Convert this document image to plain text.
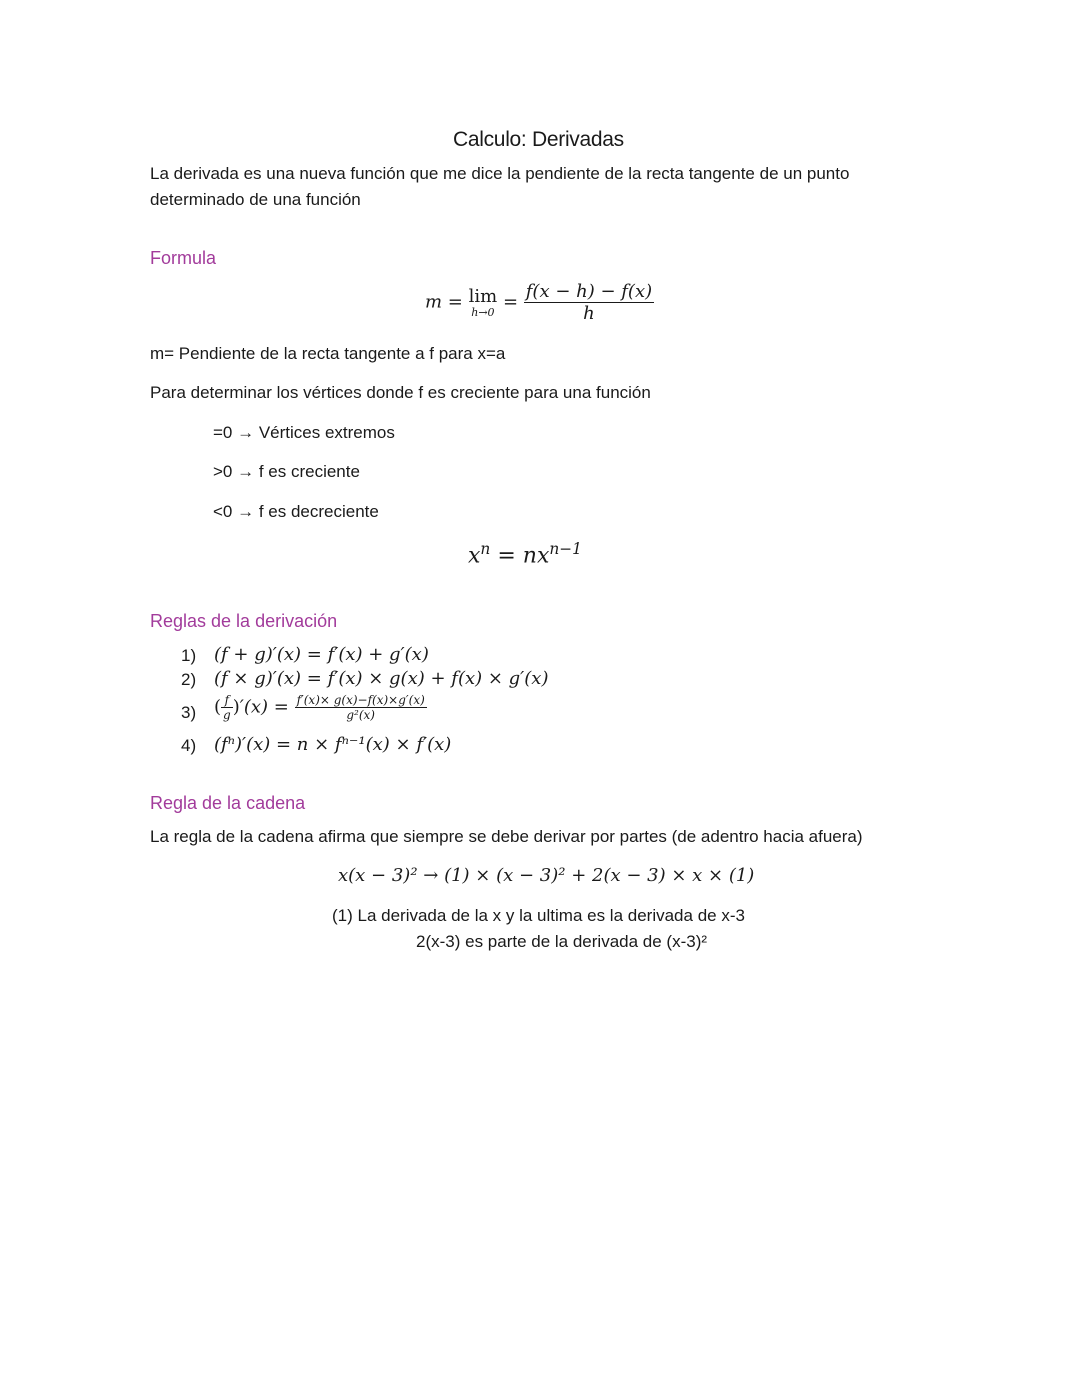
Calculo: Derivadas
La derivada es una nueva función que me dice la pendiente de la recta tangente de un punto
determinado de una función
Formula
m = lim
$h\to 0 = \frac{f(x - h) - f(x)}{h}$
m= Pendiente de la recta tangente a f para x=a
Para determinar los vértices donde f es creciente para una función
=0 → Vértices extremos
>0 → f es creciente
<0 → f es decreciente
$x^n = nx^{n-1}$
Reglas de la derivación
1) (f + g)′(x) = f′(x) + g′(x)
2) (f × g)′(x) = f′(x) × g(x) + f(x) × g′(x)
3) ( $\frac{f}{g} )'(x) = \frac{f'(x)\times g(x)-f(x)\times g'(x)}{\text{g²(x)}}$
4) (fⁿ)′(x) = n × fⁿ⁻¹(x) × f′(x)
Regla de la cadena
La regla de la cadena afirma que siempre se debe derivar por partes (de adentro hacia afuera)
x(x − 3)² → (1) × (x − 3)² + 2(x − 3) × x × (1)
(1) La derivada de la x y la ultima es la derivada de x-3
2(x-3) es parte de la derivada de (x-3)²
